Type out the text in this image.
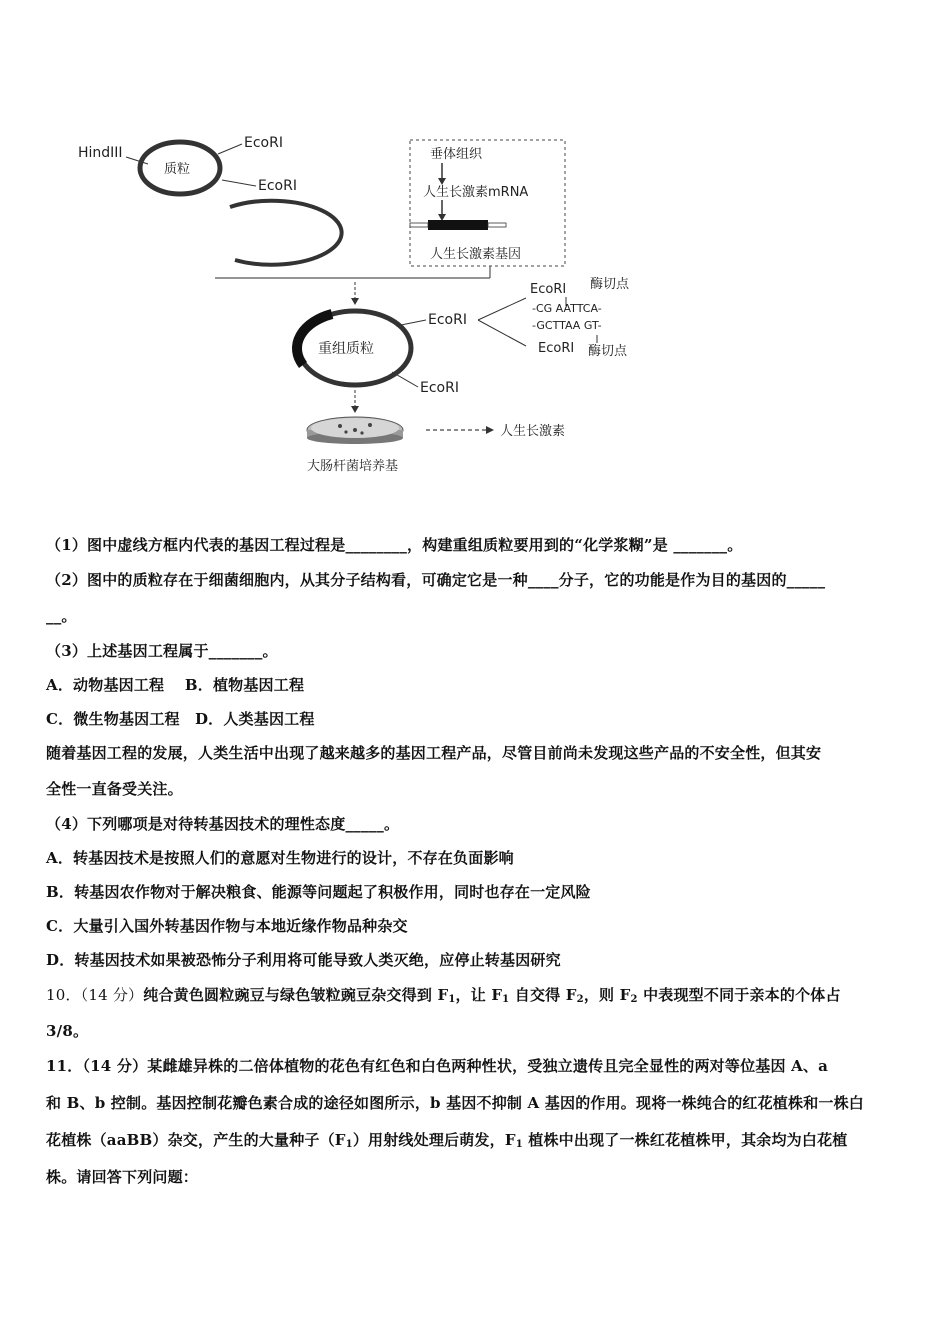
质粒
HindIII
EcoRI
EcoRI
垂体组织
人生长激素mRNA
人生长激素基因
重组质粒
EcoRI
EcoRI
EcoRI 酶切点
-CG AATTCA-
-GCTTAA GT-
EcoRI 酶切点
大肠杆菌培养基
人生长激素
（1）图中虚线方框内代表的基因工程过程是________，构建重组质粒要用到的“化学浆糊”是 _______。
（2）图中的质粒存在于细菌细胞内，从其分子结构看，可确定它是一种____分子，它的功能是作为目的基因的_____
__。
（3）上述基因工程属于_______。
A．动物基因工程　 B．植物基因工程
C．微生物基因工程　D．人类基因工程
随着基因工程的发展，人类生活中出现了越来越多的基因工程产品，尽管目前尚未发现这些产品的不安全性，但其安
全性一直备受关注。
（4）下列哪项是对待转基因技术的理性态度_____。
A．转基因技术是按照人们的意愿对生物进行的设计，不存在负面影响
B．转基因农作物对于解决粮食、能源等问题起了积极作用，同时也存在一定风险
C．大量引入国外转基因作物与本地近缘作物品种杂交
D．转基因技术如果被恐怖分子利用将可能导致人类灭绝，应停止转基因研究
10．（14 分）纯合黄色圆粒豌豆与绿色皱粒豌豆杂交得到 $F_1$，让 $F_1$ 自交得 $F_2$，则 $F_2$ 中表现型不同于亲本的个体占
3/8。
11．（14 分）某雌雄异株的二倍体植物的花色有红色和白色两种性状，受独立遗传且完全显性的两对等位基因 A、a
和 B、b 控制。基因控制花瓣色素合成的途径如图所示，b 基因不抑制 A 基因的作用。现将一株纯合的红花植株和一株白
花植株（aaBB）杂交，产生的大量种子$(F_1)$用射线处理后萌发，$F_1$ 植株中出现了一株红花植株甲，其余均为白花植
株。请回答下列问题：
